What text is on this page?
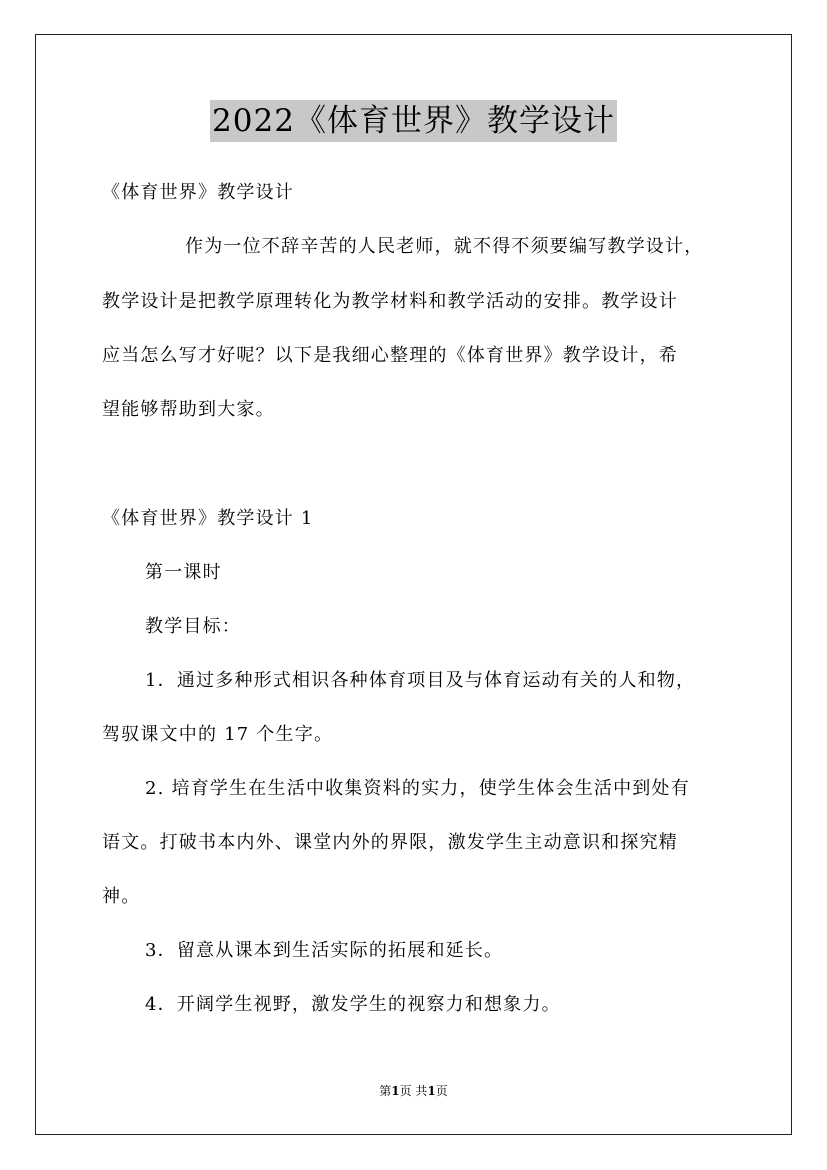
2022《体育世界》教学设计

《体育世界》教学设计

作为一位不辞辛苦的人民老师，就不得不须要编写教学设计，

教学设计是把教学原理转化为教学材料和教学活动的安排。教学设计

应当怎么写才好呢？以下是我细心整理的《体育世界》教学设计，希

望能够帮助到大家。

《体育世界》教学设计 1

第一课时

教学目标：

1．通过多种形式相识各种体育项目及与体育运动有关的人和物，

驾驭课文中的 17 个生字。

2. 培育学生在生活中收集资料的实力，使学生体会生活中到处有

语文。打破书本内外、课堂内外的界限，激发学生主动意识和探究精

神。

3．留意从课本到生活实际的拓展和延长。

4．开阔学生视野，激发学生的视察力和想象力。

第1页 共1页
